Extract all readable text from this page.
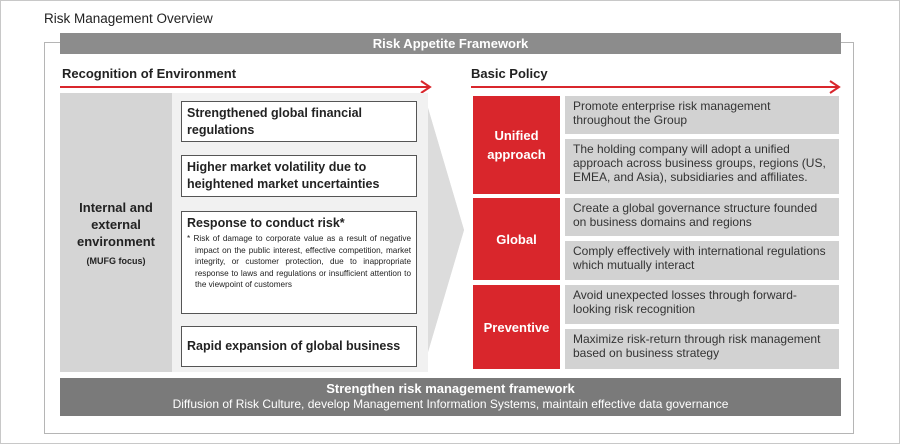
Risk Management Overview
Risk Appetite Framework
Recognition of Environment	Basic Policy
Internal and external environment
(MUFG focus)
Strengthened global financial regulations
Higher market volatility due to heightened market uncertainties
Response to conduct risk*
* Risk of damage to corporate value as a result of negative impact on the public interest, effective competition, market integrity, or customer protection, due to inappropriate response to laws and regulations or insufficient attention to the viewpoint of customers
Rapid expansion of global business
Unified approach
Global
Preventive
Promote enterprise risk management throughout the Group
The holding company will adopt a unified approach across business groups, regions (US, EMEA, and Asia), subsidiaries and affiliates.
Create a global governance structure founded on business domains and regions
Comply effectively with international regulations which mutually interact
Avoid unexpected losses through forward-looking risk recognition
Maximize risk-return through risk management based on business strategy
Strengthen risk management framework
Diffusion of Risk Culture, develop Management Information Systems, maintain effective data governance
